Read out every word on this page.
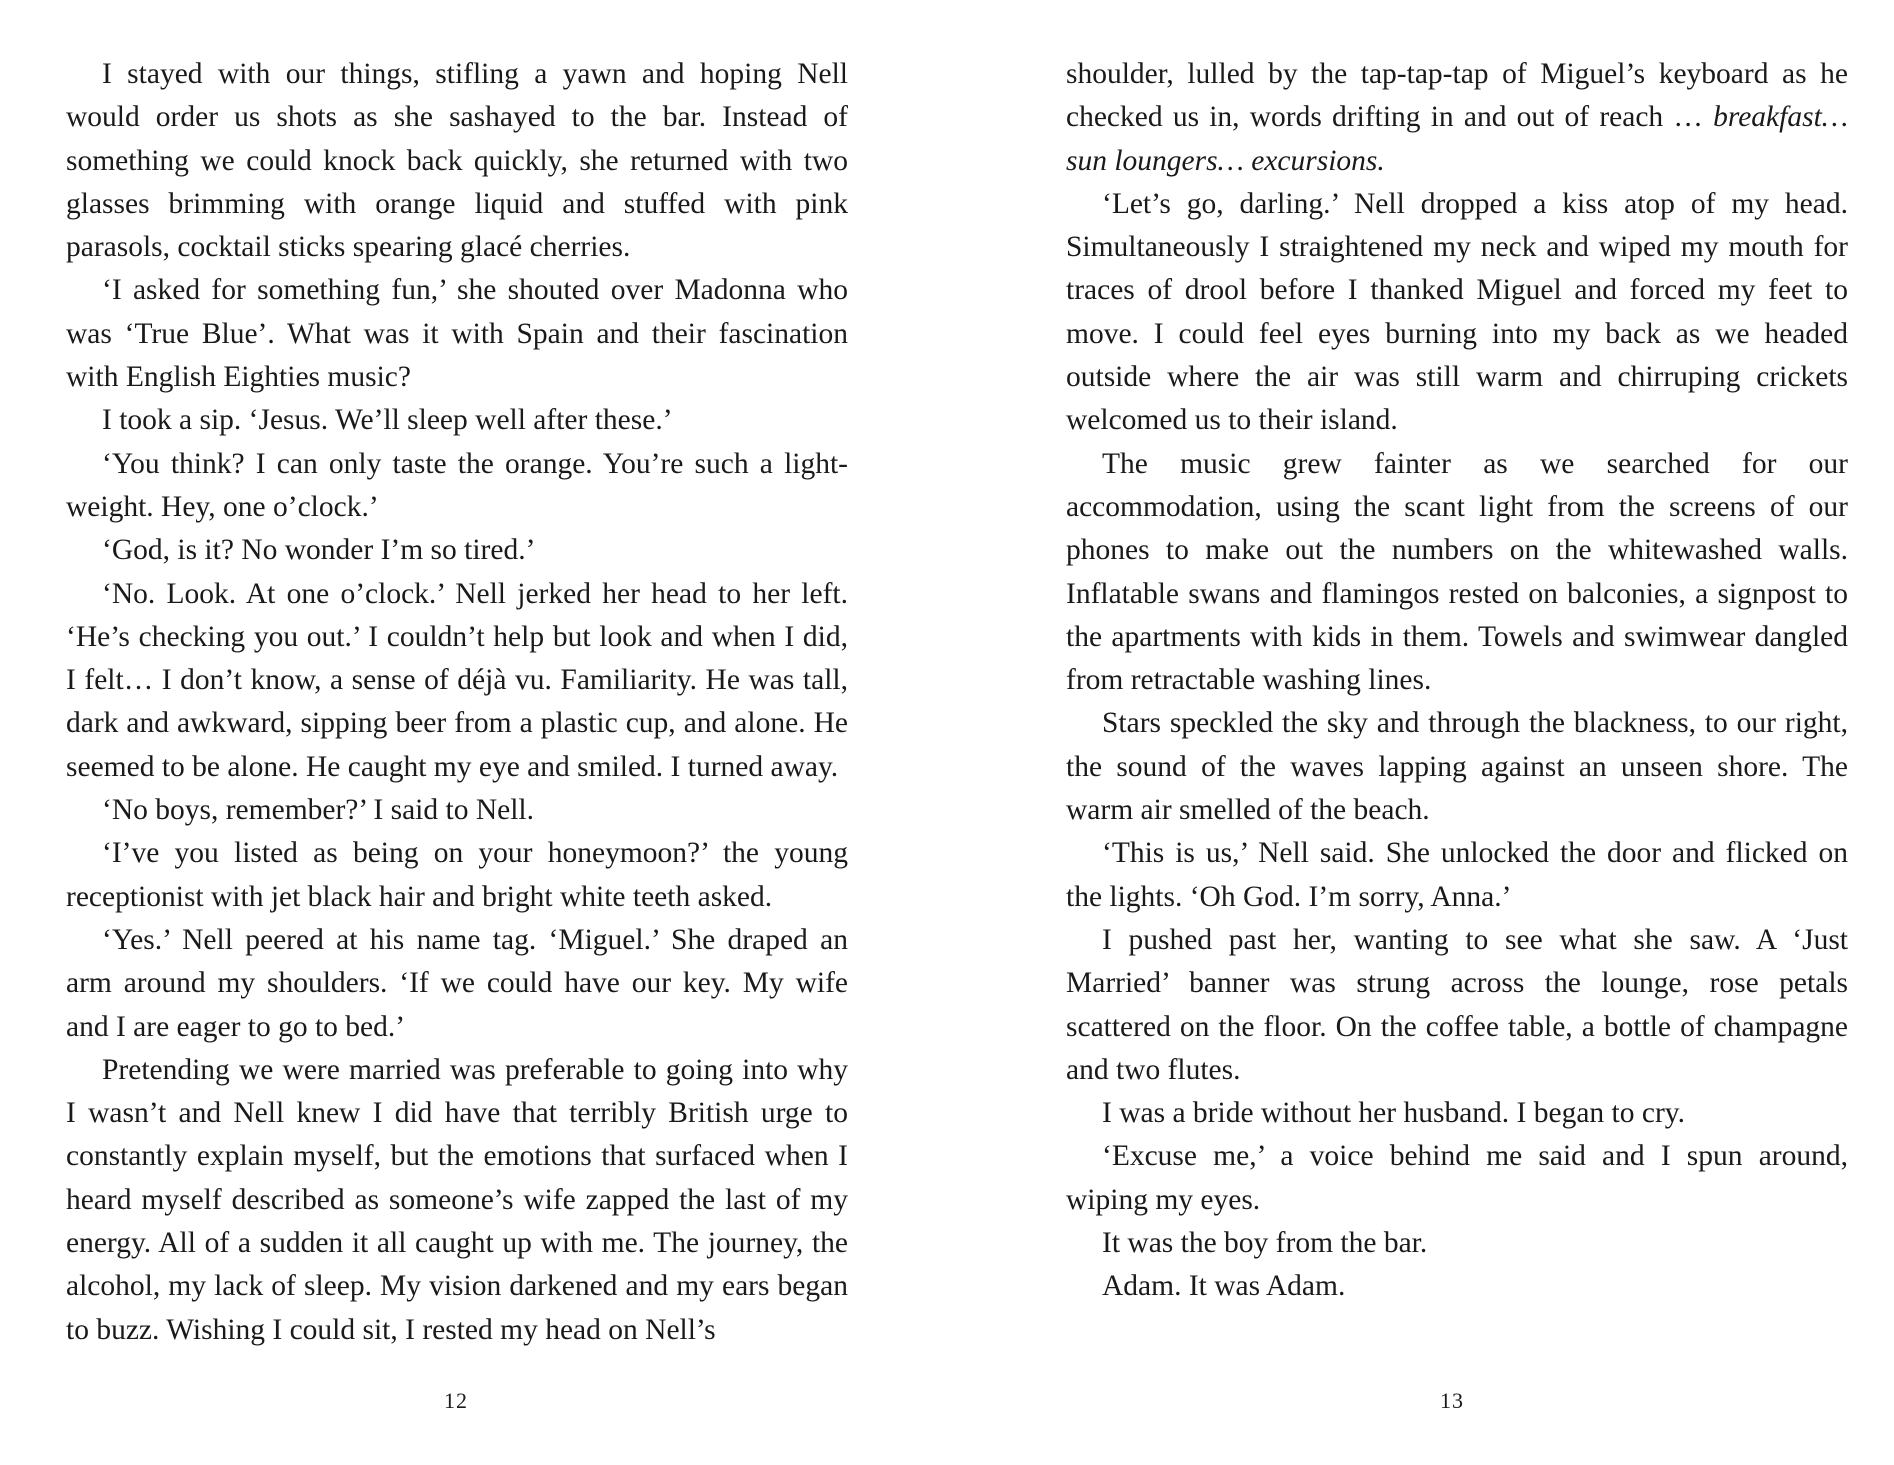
I stayed with our things, stifling a yawn and hoping Nell would order us shots as she sashayed to the bar. Instead of something we could knock back quickly, she returned with two glasses brimming with orange liquid and stuffed with pink parasols, cocktail sticks spearing glacé cherries.

‘I asked for something fun,’ she shouted over Madonna who was ‘True Blue’. What was it with Spain and their fascination with English Eighties music?

I took a sip. ‘Jesus. We’ll sleep well after these.’

‘You think? I can only taste the orange. You’re such a light-weight. Hey, one o’clock.’

‘God, is it? No wonder I’m so tired.’

‘No. Look. At one o’clock.’ Nell jerked her head to her left. ‘He’s checking you out.’ I couldn’t help but look and when I did, I felt… I don’t know, a sense of déjà vu. Familiarity. He was tall, dark and awkward, sipping beer from a plastic cup, and alone. He seemed to be alone. He caught my eye and smiled. I turned away.

‘No boys, remember?’ I said to Nell.

‘I’ve you listed as being on your honeymoon?’ the young receptionist with jet black hair and bright white teeth asked.

‘Yes.’ Nell peered at his name tag. ‘Miguel.’ She draped an arm around my shoulders. ‘If we could have our key. My wife and I are eager to go to bed.’

Pretending we were married was preferable to going into why I wasn’t and Nell knew I did have that terribly British urge to constantly explain myself, but the emotions that surfaced when I heard myself described as someone’s wife zapped the last of my energy. All of a sudden it all caught up with me. The journey, the alcohol, my lack of sleep. My vision darkened and my ears began to buzz. Wishing I could sit, I rested my head on Nell’s

12

shoulder, lulled by the tap-tap-tap of Miguel’s keyboard as he checked us in, words drifting in and out of reach … breakfast… sun loungers… excursions.

‘Let’s go, darling.’ Nell dropped a kiss atop of my head. Simultaneously I straightened my neck and wiped my mouth for traces of drool before I thanked Miguel and forced my feet to move. I could feel eyes burning into my back as we headed outside where the air was still warm and chirruping crickets welcomed us to their island.

The music grew fainter as we searched for our accommodation, using the scant light from the screens of our phones to make out the numbers on the whitewashed walls. Inflatable swans and flamingos rested on balconies, a signpost to the apartments with kids in them. Towels and swimwear dangled from retractable washing lines.

Stars speckled the sky and through the blackness, to our right, the sound of the waves lapping against an unseen shore. The warm air smelled of the beach.

‘This is us,’ Nell said. She unlocked the door and flicked on the lights. ‘Oh God. I’m sorry, Anna.’

I pushed past her, wanting to see what she saw. A ‘Just Married’ banner was strung across the lounge, rose petals scattered on the floor. On the coffee table, a bottle of champagne and two flutes.

I was a bride without her husband. I began to cry.

‘Excuse me,’ a voice behind me said and I spun around, wiping my eyes.

It was the boy from the bar.

Adam. It was Adam.

13
